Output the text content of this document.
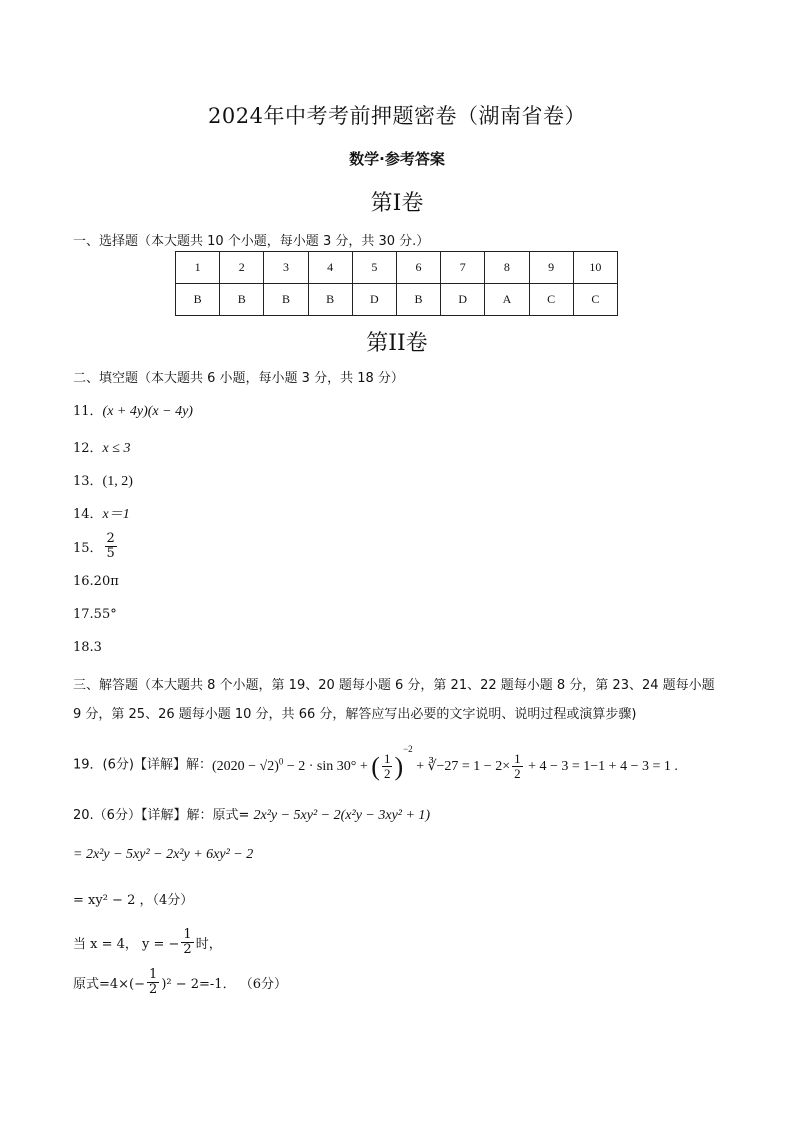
2024年中考考前押题密卷（湖南省卷）
数学·参考答案
第Ⅰ卷
一、选择题（本大题共 10 个小题，每小题 3 分，共 30 分.）
1	2	3	4	5	6	7	8	9	10
B	B	B	B	D	B	D	A	C	C
第II卷
二、填空题（本大题共 6 小题，每小题 3 分，共 18 分）
11．(x + 4y)(x − 4y)
12．x ≤ 3
13．(1, 2)
14．x＝1
15． $\frac{2}{5}$
16.20π
17.55°
18.3
三、解答题（本大题共 8 个小题，第 19、20 题每小题 6 分，第 21、22 题每小题 8 分，第 23、24 题每小题
9 分，第 25、26 题每小题 10 分，共 66 分，解答应写出必要的文字说明、说明过程或演算步骤)
19．(6分)【详解】解：$(2020 - √2)^0 - 2 \cdot \sin 30^\circ$ + ( $\frac{1}{2} )^{-2}$ + ∛−27 = $1 - 2\times \frac{1}{2} + 4 - 3 = 1-1 + 4 - 3 = 1$ .
20.（6分）【详解】解：原式= 2x²y − 5xy² − 2(x²y − 3xy² + 1)
= 2x²y − 5xy² − 2x²y + 6xy² − 2
= xy² − 2 ，（4分）
当 x = 4， y = − $\frac{1}{2}$ 时，
原式$=4\times(- \frac{1}{2} )^2 - 2=-1$． （6分）
